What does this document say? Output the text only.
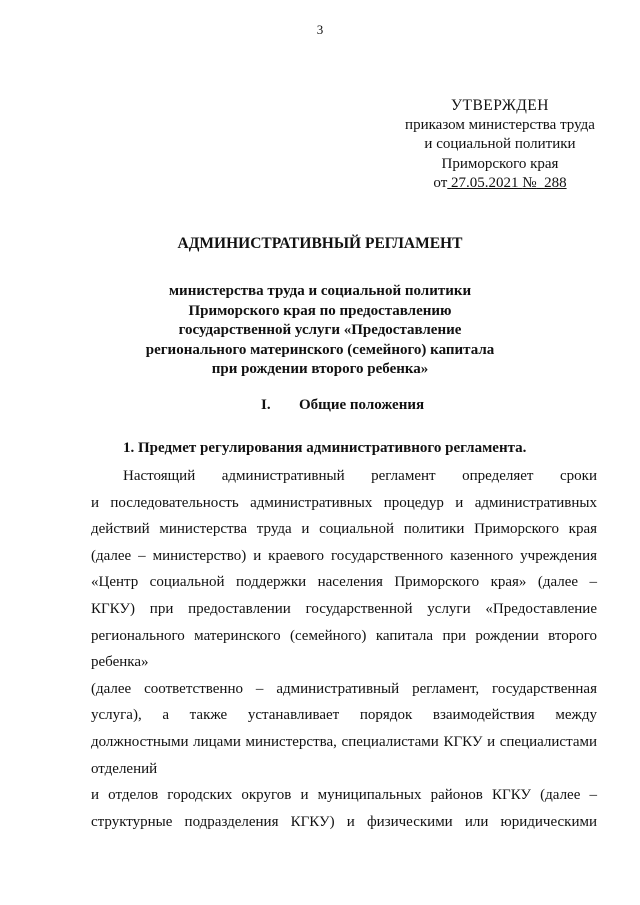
3
УТВЕРЖДЕН
приказом министерства труда
и социальной политики
Приморского края
от 27.05.2021 №  288
АДМИНИСТРАТИВНЫЙ РЕГЛАМЕНТ
министерства труда и социальной политики
Приморского края по предоставлению
государственной услуги «Предоставление
регионального материнского (семейного) капитала
при рождении второго ребенка»
I. Общие положения
1. Предмет регулирования административного регламента.
Настоящий административный регламент определяет сроки
и последовательность административных процедур и административных
действий министерства труда и социальной политики Приморского края
(далее – министерство) и краевого государственного казенного учреждения
«Центр социальной поддержки населения Приморского края» (далее –
КГКУ) при предоставлении государственной услуги «Предоставление
регионального материнского (семейного) капитала при рождении второго
ребенка»
(далее соответственно – административный регламент, государственная
услуга), а также устанавливает порядок взаимодействия между
должностными лицами министерства, специалистами КГКУ и специалистами
отделений
и отделов городских округов и муниципальных районов КГКУ (далее –
структурные подразделения КГКУ) и физическими или юридическими
